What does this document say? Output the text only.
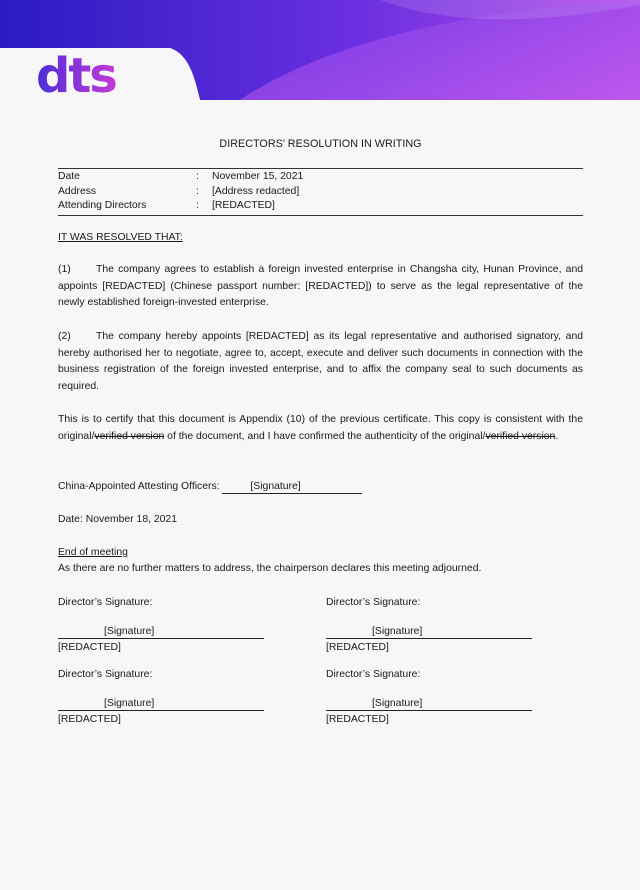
dts
DIRECTORS’ RESOLUTION IN WRITING
Date	:	November 15, 2021
Address	:	[Address redacted]
Attending Directors	:	[REDACTED]
IT WAS RESOLVED THAT:
(1) The company agrees to establish a foreign invested enterprise in Changsha city, Hunan Province, and appoints [REDACTED] (Chinese passport number: [REDACTED]) to serve as the legal representative of the newly established foreign-invested enterprise.
(2) The company hereby appoints [REDACTED] as its legal representative and authorised signatory, and hereby authorised her to negotiate, agree to, accept, execute and deliver such documents in connection with the business registration of the foreign invested enterprise, and to affix the company seal to such documents as required.
This is to certify that this document is Appendix (10) of the previous certificate. This copy is consistent with the original/verified version of the document, and I have confirmed the authenticity of the original/verified version.
China-Appointed Attesting Officers:	[Signature]
Date: November 18, 2021
End of meeting
As there are no further matters to address, the chairperson declares this meeting adjourned.
Director’s Signature:
[Signature]
[REDACTED]
Director’s Signature:
[Signature]
[REDACTED]
Director’s Signature:
[Signature]
[REDACTED]
Director’s Signature:
[Signature]
[REDACTED]
